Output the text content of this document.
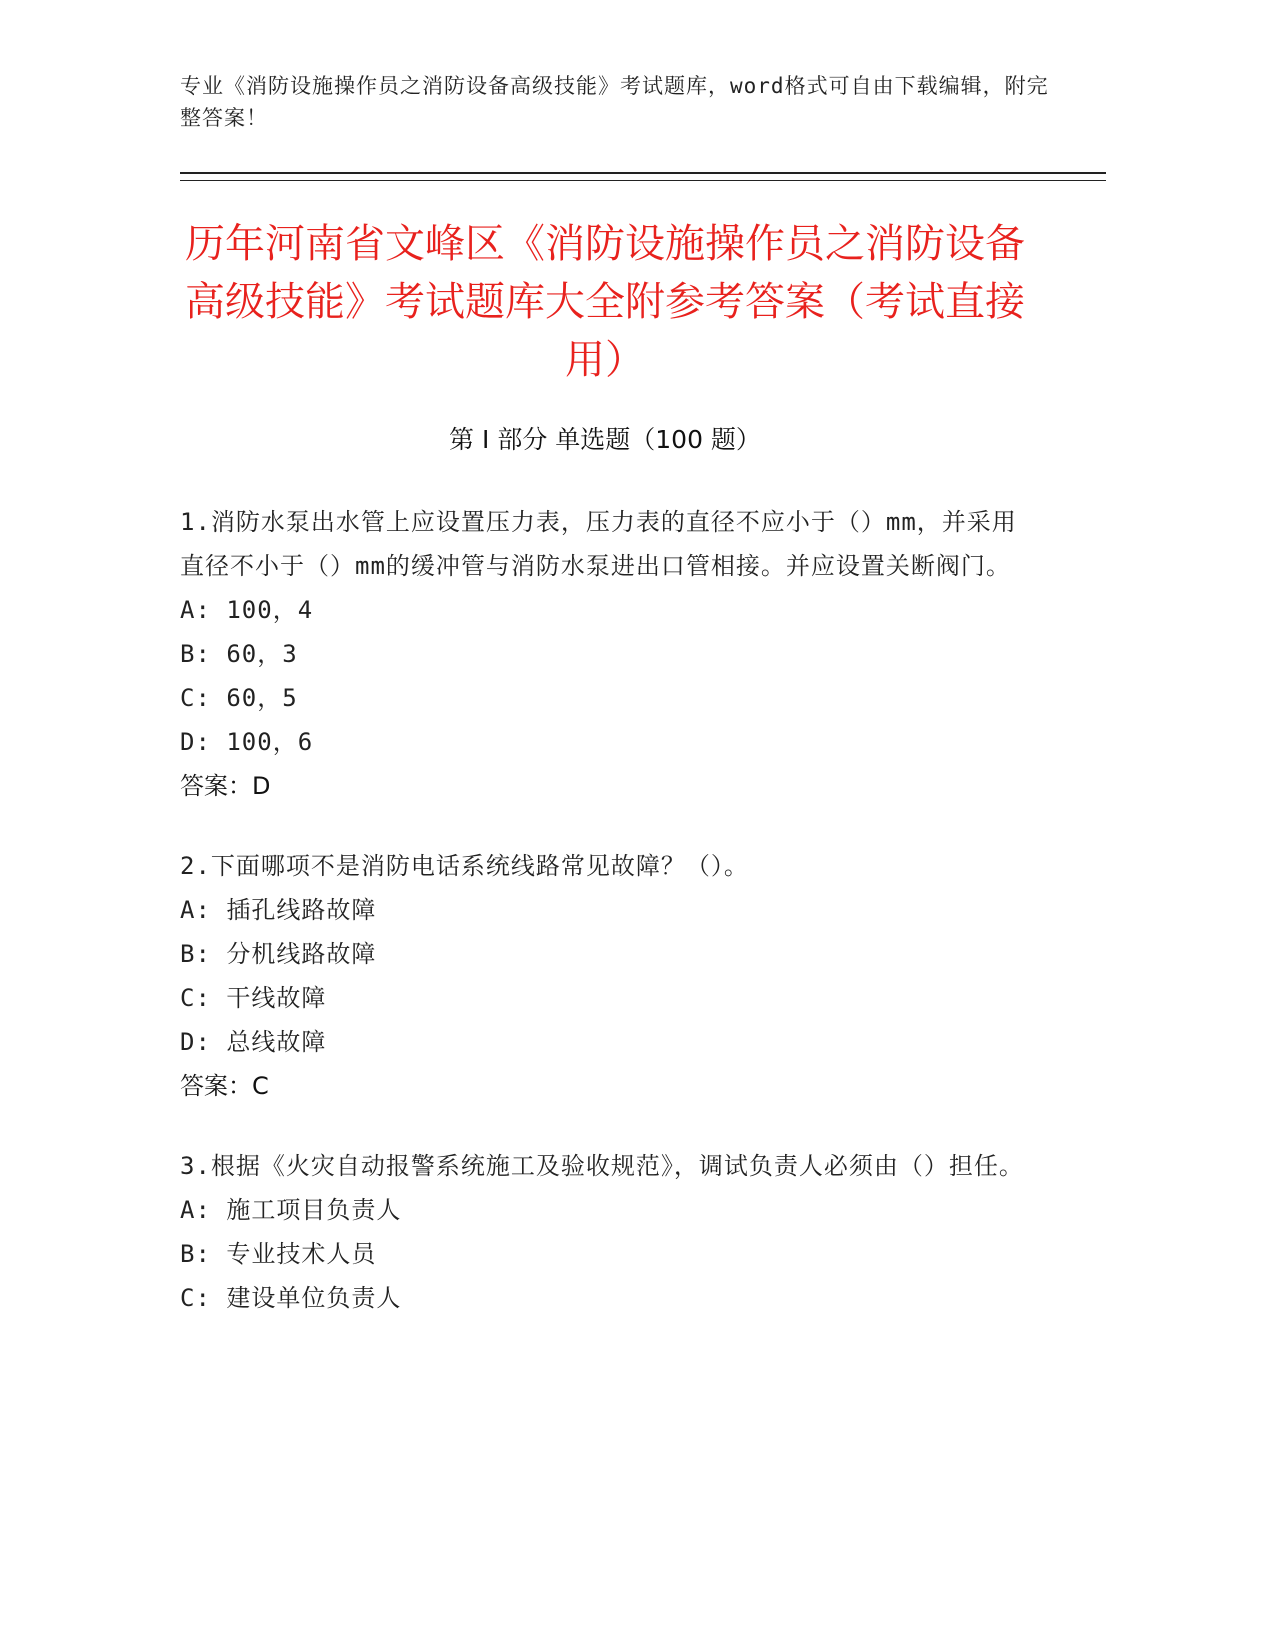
专业《消防设施操作员之消防设备高级技能》考试题库，word格式可自由下载编辑，附完整答案！
历年河南省文峰区《消防设施操作员之消防设备高级技能》考试题库大全附参考答案（考试直接用）
第 I 部分 单选题（100 题）
1.消防水泵出水管上应设置压力表，压力表的直径不应小于（）mm，并采用直径不小于（）mm的缓冲管与消防水泵进出口管相接。并应设置关断阀门。
A: 100，4
B: 60，3
C: 60，5
D: 100，6
答案：D
2.下面哪项不是消防电话系统线路常见故障？（）。
A: 插孔线路故障
B: 分机线路故障
C: 干线故障
D: 总线故障
答案：C
3.根据《火灾自动报警系统施工及验收规范》，调试负责人必须由（）担任。
A: 施工项目负责人
B: 专业技术人员
C: 建设单位负责人
